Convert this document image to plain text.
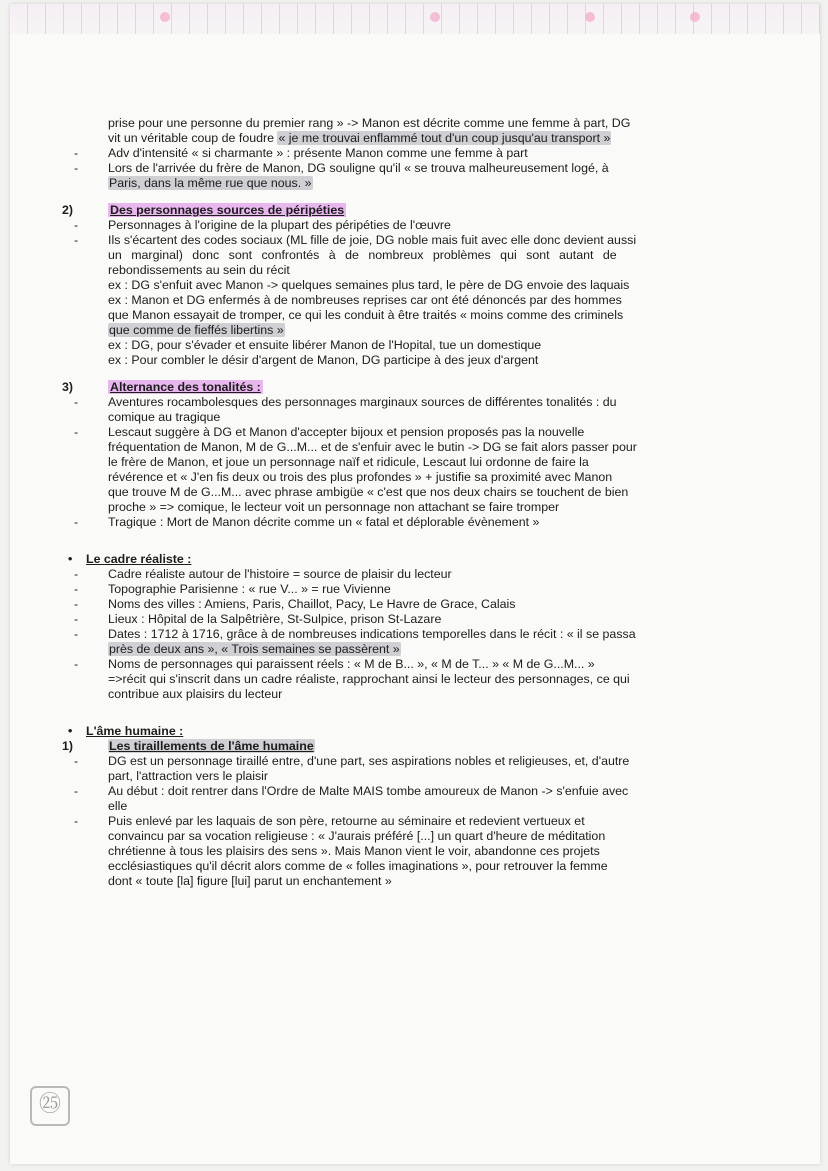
prise pour une personne du premier rang » -> Manon est décrite comme une femme à part, DG
vit un véritable coup de foudre « je me trouvai enflammé tout d'un coup jusqu'au transport »
- Adv d'intensité « si charmante » : présente Manon comme une femme à part
- Lors de l'arrivée du frère de Manon, DG souligne qu'il « se trouva malheureusement logé, à
Paris, dans la même rue que nous. »
2)	Des personnages sources de péripéties
- Personnages à l'origine de la plupart des péripéties de l'œuvre
- Ils s'écartent des codes sociaux (ML fille de joie, DG noble mais fuit avec elle donc devient aussi
un marginal) donc sont confrontés à de nombreux problèmes qui sont autant de
rebondissements au sein du récit
ex : DG s'enfuit avec Manon -> quelques semaines plus tard, le père de DG envoie des laquais
ex : Manon et DG enfermés à de nombreuses reprises car ont été dénoncés par des hommes
que Manon essayait de tromper, ce qui les conduit à être traités « moins comme des criminels
que comme de fieffés libertins »
ex : DG, pour s'évader et ensuite libérer Manon de l'Hopital, tue un domestique
ex : Pour combler le désir d'argent de Manon, DG participe à des jeux d'argent
3)	Alternance des tonalités :
- Aventures rocambolesques des personnages marginaux sources de différentes tonalités : du
comique au tragique
- Lescaut suggère à DG et Manon d'accepter bijoux et pension proposés pas la nouvelle
fréquentation de Manon, M de G...M... et de s'enfuir avec le butin -> DG se fait alors passer pour
le frère de Manon, et joue un personnage naïf et ridicule, Lescaut lui ordonne de faire la
révérence et « J'en fis deux ou trois des plus profondes » + justifie sa proximité avec Manon
que trouve M de G...M... avec phrase ambigüe « c'est que nos deux chairs se touchent de bien
proche » => comique, le lecteur voit un personnage non attachant se faire tromper
- Tragique : Mort de Manon décrite comme un « fatal et déplorable évènement »
• Le cadre réaliste :
- Cadre réaliste autour de l'histoire = source de plaisir du lecteur
- Topographie Parisienne : « rue V... » = rue Vivienne
- Noms des villes : Amiens, Paris, Chaillot, Pacy, Le Havre de Grace, Calais
- Lieux : Hôpital de la Salpêtrière, St-Sulpice, prison St-Lazare
- Dates : 1712 à 1716, grâce à de nombreuses indications temporelles dans le récit : « il se passa
près de deux ans », « Trois semaines se passèrent »
- Noms de personnages qui paraissent réels : « M de B... », « M de T... » « M de G...M... »
=>récit qui s'inscrit dans un cadre réaliste, rapprochant ainsi le lecteur des personnages, ce qui
contribue aux plaisirs du lecteur
• L'âme humaine :
1)	Les tiraillements de l'âme humaine
- DG est un personnage tiraillé entre, d'une part, ses aspirations nobles et religieuses, et, d'autre
part, l'attraction vers le plaisir
- Au début : doit rentrer dans l'Ordre de Malte MAIS tombe amoureux de Manon -> s'enfuie avec
elle
- Puis enlevé par les laquais de son père, retourne au séminaire et redevient vertueux et
convaincu par sa vocation religieuse : « J'aurais préféré [...] un quart d'heure de méditation
chrétienne à tous les plaisirs des sens ». Mais Manon vient le voir, abandonne ces projets
ecclésiastiques qu'il décrit alors comme de « folles imaginations », pour retrouver la femme
dont « toute [la] figure [lui] parut un enchantement »
㉕
